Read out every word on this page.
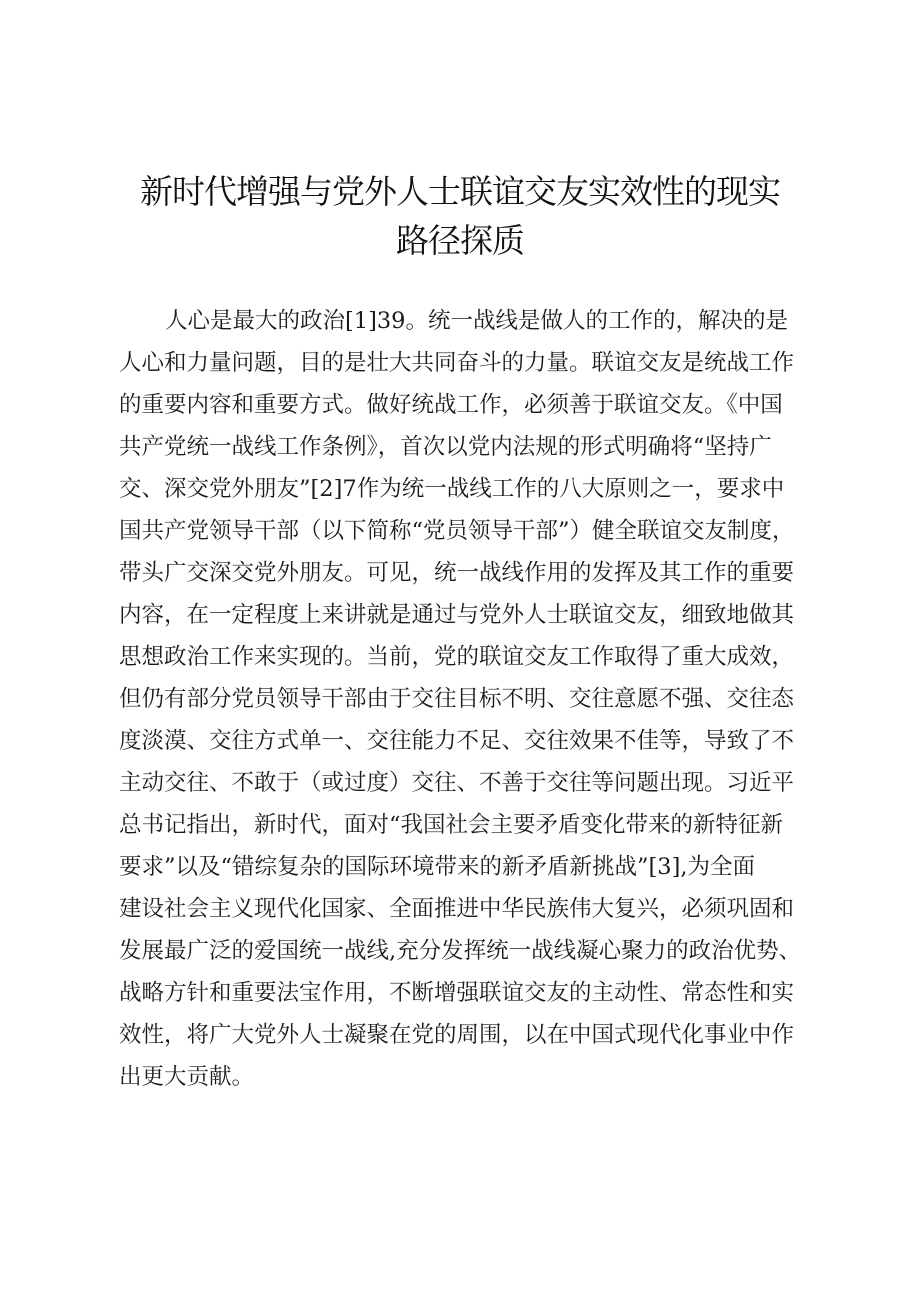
新时代增强与党外人士联谊交友实效性的现实
路径探质
人心是最大的政治[1]39。统一战线是做人的工作的，解决的是
人心和力量问题，目的是壮大共同奋斗的力量。联谊交友是统战工作
的重要内容和重要方式。做好统战工作，必须善于联谊交友。《中国
共产党统一战线工作条例》，首次以党内法规的形式明确将“坚持广
交、深交党外朋友”[2]7作为统一战线工作的八大原则之一，要求中
国共产党领导干部（以下简称“党员领导干部”）健全联谊交友制度，
带头广交深交党外朋友。可见，统一战线作用的发挥及其工作的重要
内容，在一定程度上来讲就是通过与党外人士联谊交友，细致地做其
思想政治工作来实现的。当前，党的联谊交友工作取得了重大成效，
但仍有部分党员领导干部由于交往目标不明、交往意愿不强、交往态
度淡漠、交往方式单一、交往能力不足、交往效果不佳等，导致了不
主动交往、不敢于（或过度）交往、不善于交往等问题出现。习近平
总书记指出，新时代，面对“我国社会主要矛盾变化带来的新特征新
要求”以及“错综复杂的国际环境带来的新矛盾新挑战”[3],为全面
建设社会主义现代化国家、全面推进中华民族伟大复兴，必须巩固和
发展最广泛的爱国统一战线,充分发挥统一战线凝心聚力的政治优势、
战略方针和重要法宝作用，不断增强联谊交友的主动性、常态性和实
效性，将广大党外人士凝聚在党的周围，以在中国式现代化事业中作
出更大贡献。
